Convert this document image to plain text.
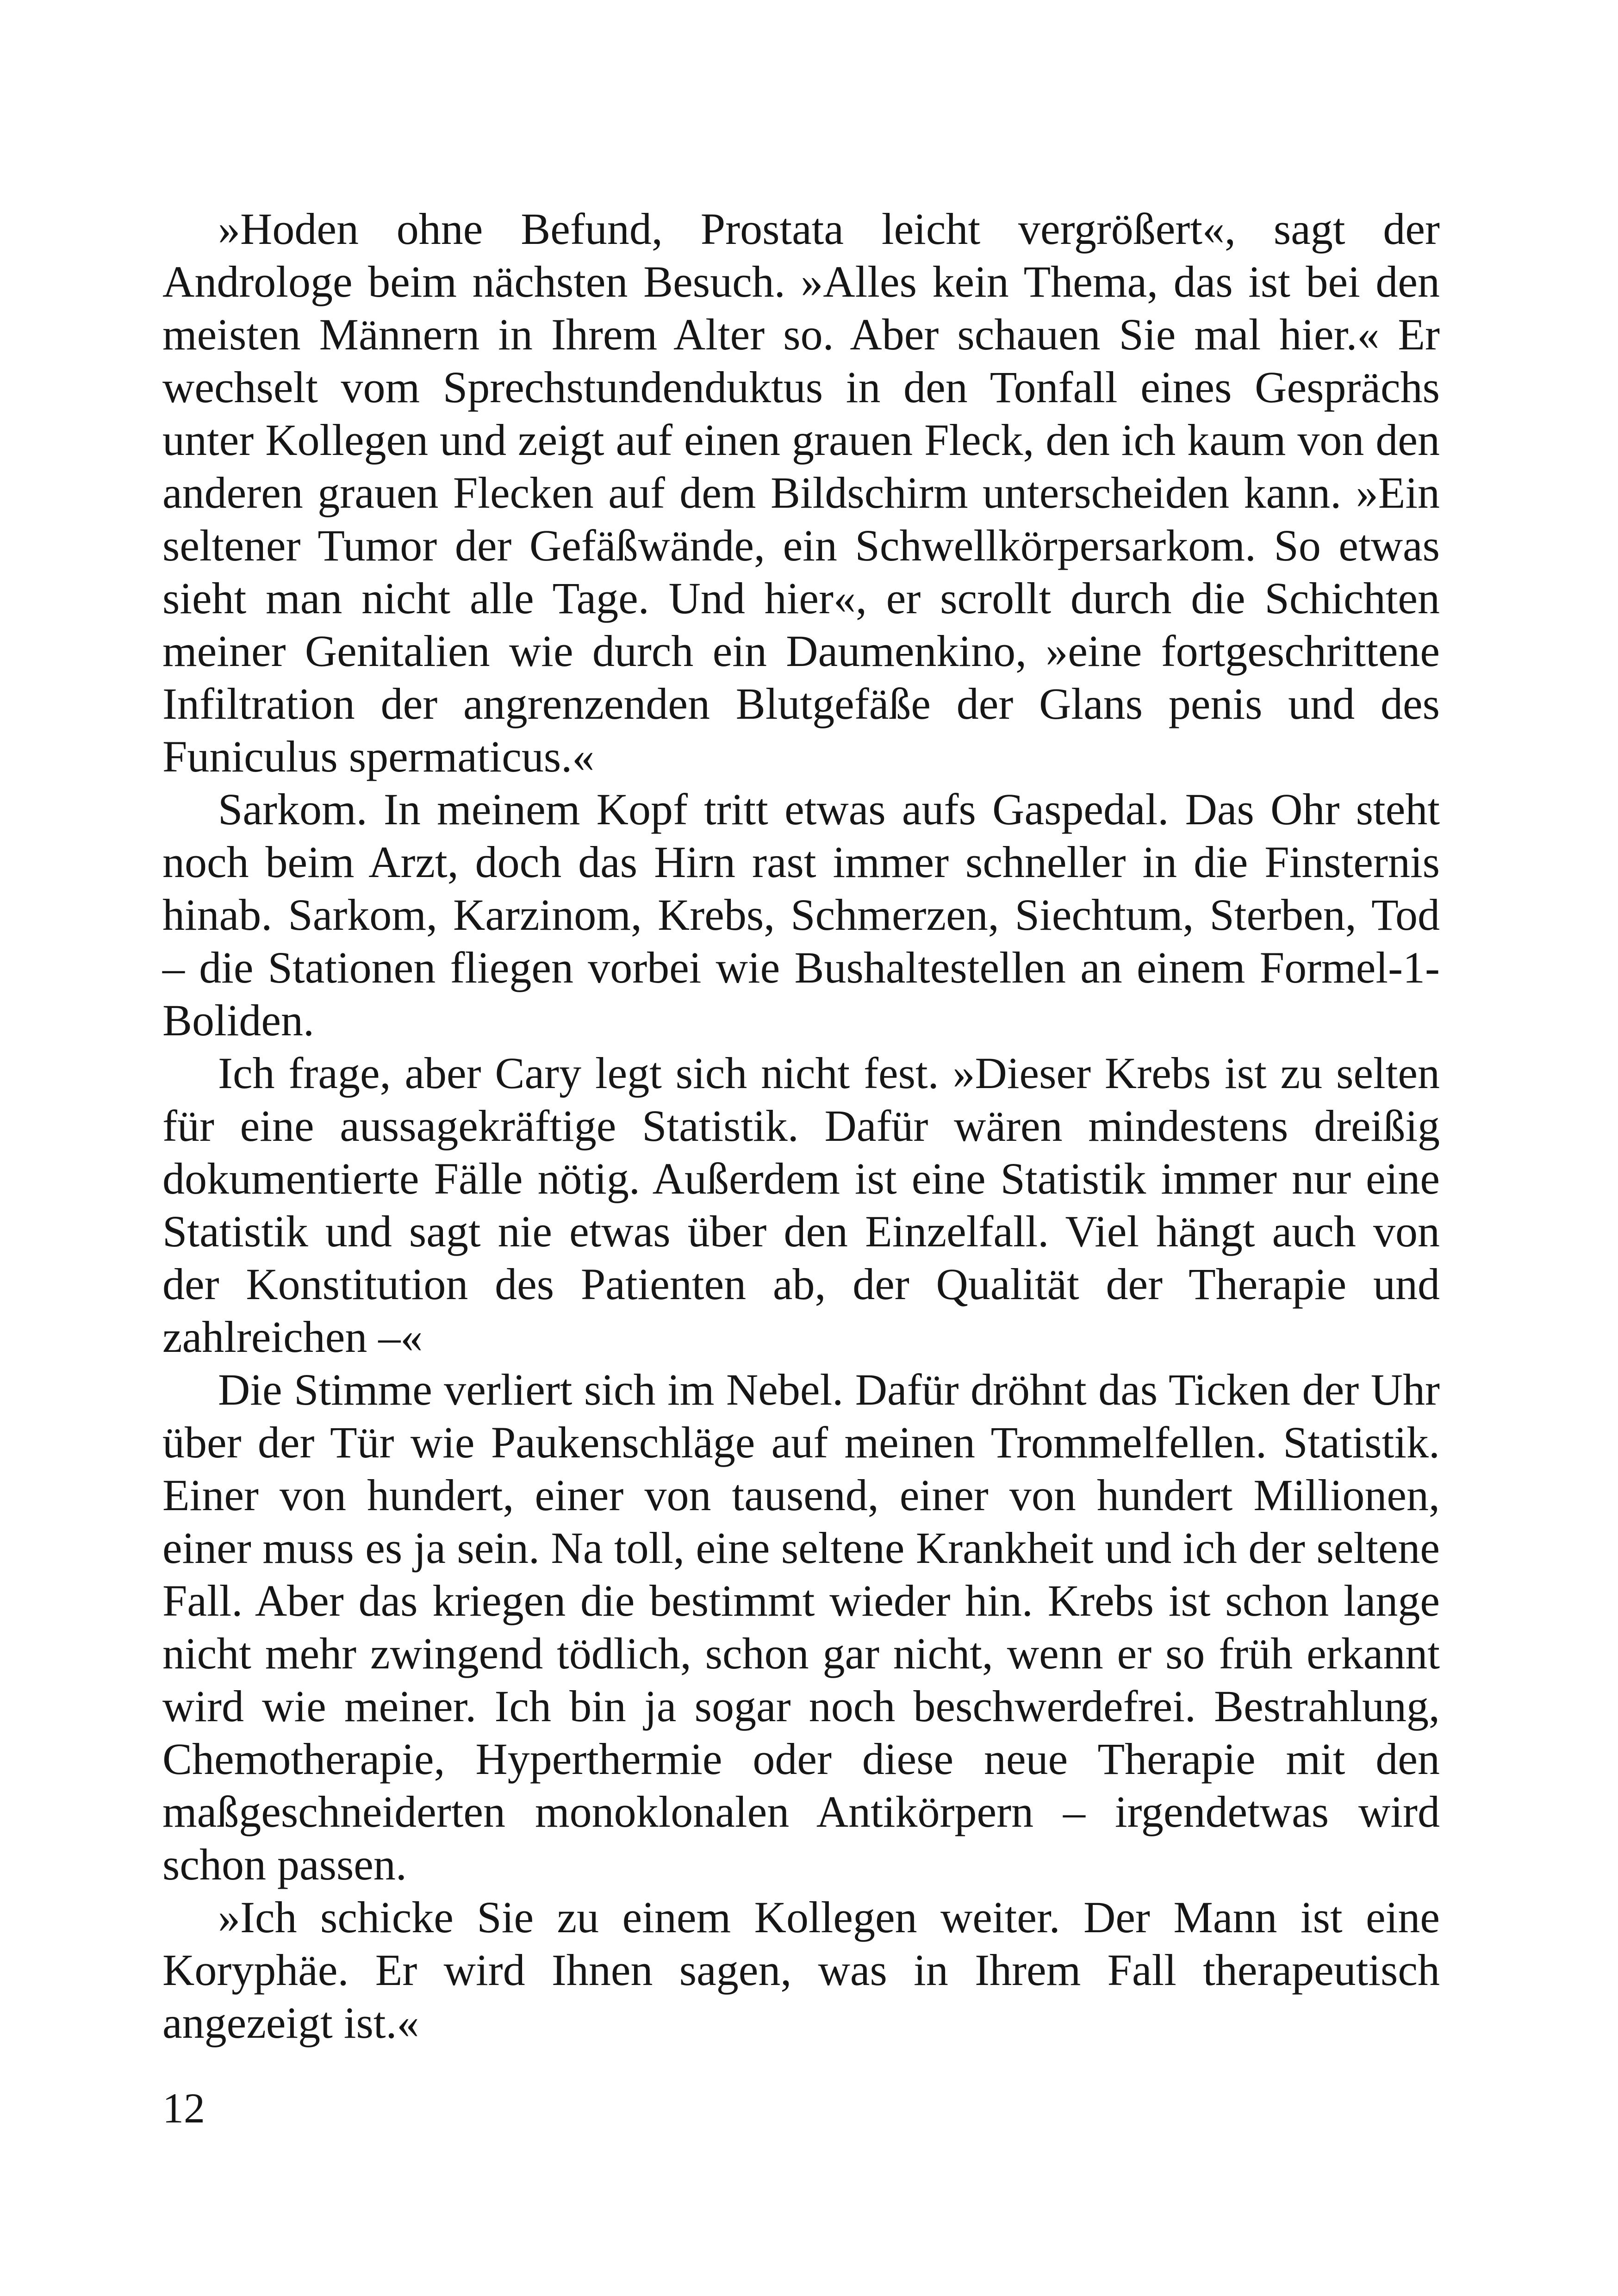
»Hoden ohne Befund, Prostata leicht vergrößert«, sagt der Androloge beim nächsten Besuch. »Alles kein Thema, das ist bei den meisten Männern in Ihrem Alter so. Aber schauen Sie mal hier.« Er wechselt vom Sprechstundenduktus in den Tonfall eines Gesprächs unter Kollegen und zeigt auf einen grauen Fleck, den ich kaum von den anderen grauen Flecken auf dem Bildschirm unterscheiden kann. »Ein seltener Tumor der Gefäßwände, ein Schwellkörpersarkom. So etwas sieht man nicht alle Tage. Und hier«, er scrollt durch die Schichten meiner Genitalien wie durch ein Daumenkino, »eine fortgeschrittene Infiltration der angrenzenden Blutgefäße der Glans penis und des Funiculus spermaticus.«

Sarkom. In meinem Kopf tritt etwas aufs Gaspedal. Das Ohr steht noch beim Arzt, doch das Hirn rast immer schneller in die Finsternis hinab. Sarkom, Karzinom, Krebs, Schmerzen, Siechtum, Sterben, Tod – die Stationen fliegen vorbei wie Bushaltestellen an einem Formel-1-Boliden.

Ich frage, aber Cary legt sich nicht fest. »Dieser Krebs ist zu selten für eine aussagekräftige Statistik. Dafür wären mindestens dreißig dokumentierte Fälle nötig. Außerdem ist eine Statistik immer nur eine Statistik und sagt nie etwas über den Einzelfall. Viel hängt auch von der Konstitution des Patienten ab, der Qualität der Therapie und zahlreichen –«

Die Stimme verliert sich im Nebel. Dafür dröhnt das Ticken der Uhr über der Tür wie Paukenschläge auf meinen Trommelfellen. Statistik. Einer von hundert, einer von tausend, einer von hundert Millionen, einer muss es ja sein. Na toll, eine seltene Krankheit und ich der seltene Fall. Aber das kriegen die bestimmt wieder hin. Krebs ist schon lange nicht mehr zwingend tödlich, schon gar nicht, wenn er so früh erkannt wird wie meiner. Ich bin ja sogar noch beschwerdefrei. Bestrahlung, Chemotherapie, Hyperthermie oder diese neue Therapie mit den maßgeschneiderten monoklonalen Antikörpern – irgendetwas wird schon passen.

»Ich schicke Sie zu einem Kollegen weiter. Der Mann ist eine Koryphäe. Er wird Ihnen sagen, was in Ihrem Fall therapeutisch angezeigt ist.«

12
